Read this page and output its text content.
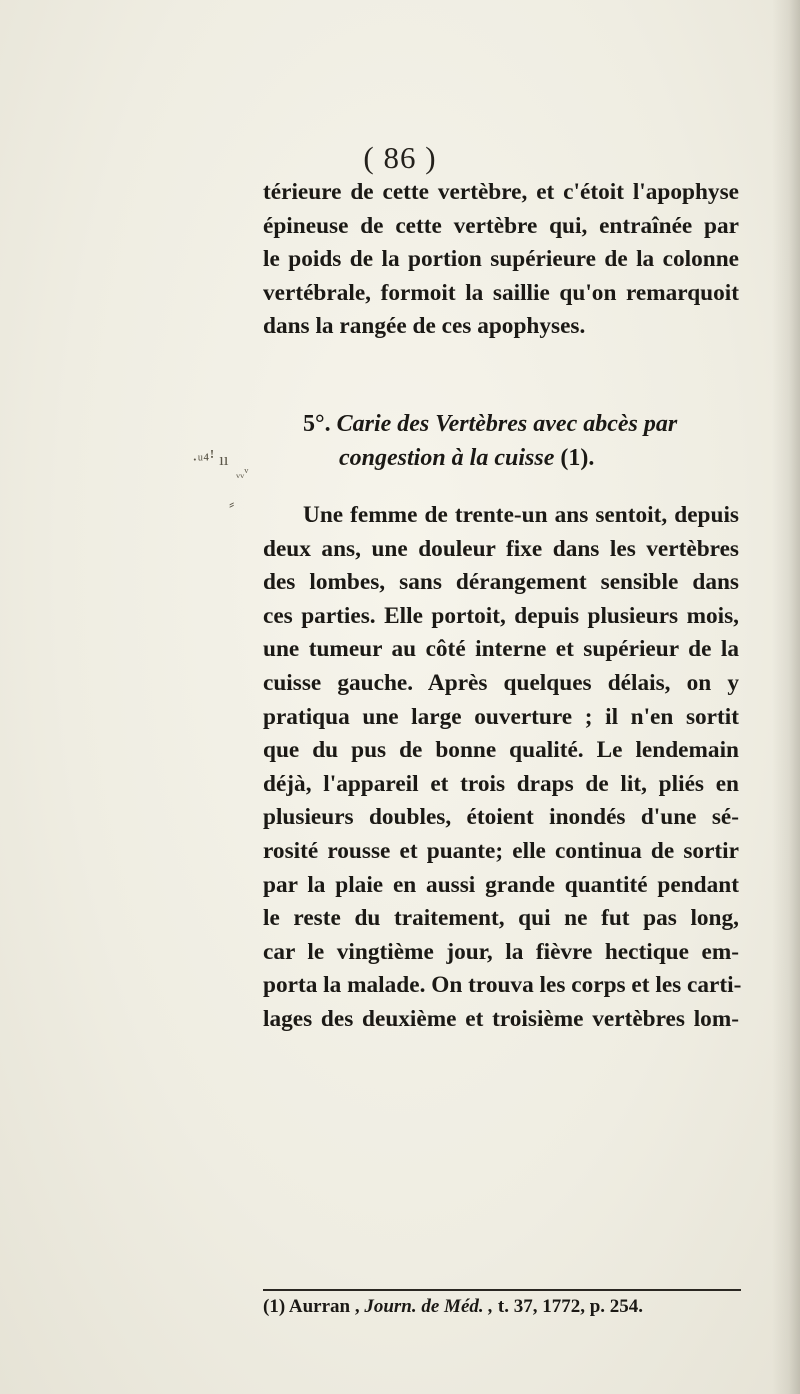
( 86 )
térieure de cette vertèbre, et c'étoit l'apophyse
épineuse de cette vertèbre qui, entraînée par
le poids de la portion supérieure de la colonne
vertébrale, formoit la saillie qu'on remarquoit
dans la rangée de ces apophyses.
5°. Carie des Vertèbres avec abcès par
congestion à la cuisse (1).
Une femme de trente-un ans sentoit, depuis
deux ans, une douleur fixe dans les vertèbres
des lombes, sans dérangement sensible dans
ces parties. Elle portoit, depuis plusieurs mois,
une tumeur au côté interne et supérieur de la
cuisse gauche. Après quelques délais, on y
pratiqua une large ouverture ; il n'en sortit
que du pus de bonne qualité. Le lendemain
déjà, l'appareil et trois draps de lit, pliés en
plusieurs doubles, étoient inondés d'une sé-
rosité rousse et puante; elle continua de sortir
par la plaie en aussi grande quantité pendant
le reste du traitement, qui ne fut pas long,
car le vingtième jour, la fièvre hectique em-
porta la malade. On trouva les corps et les carti-
lages des deuxième et troisième vertèbres lom-
(1) Aurran , Journ. de Méd. , t. 37, 1772, p. 254.
·ᵘ⁴ꜝ ıı
ᵥᵥᵛ
⸗
